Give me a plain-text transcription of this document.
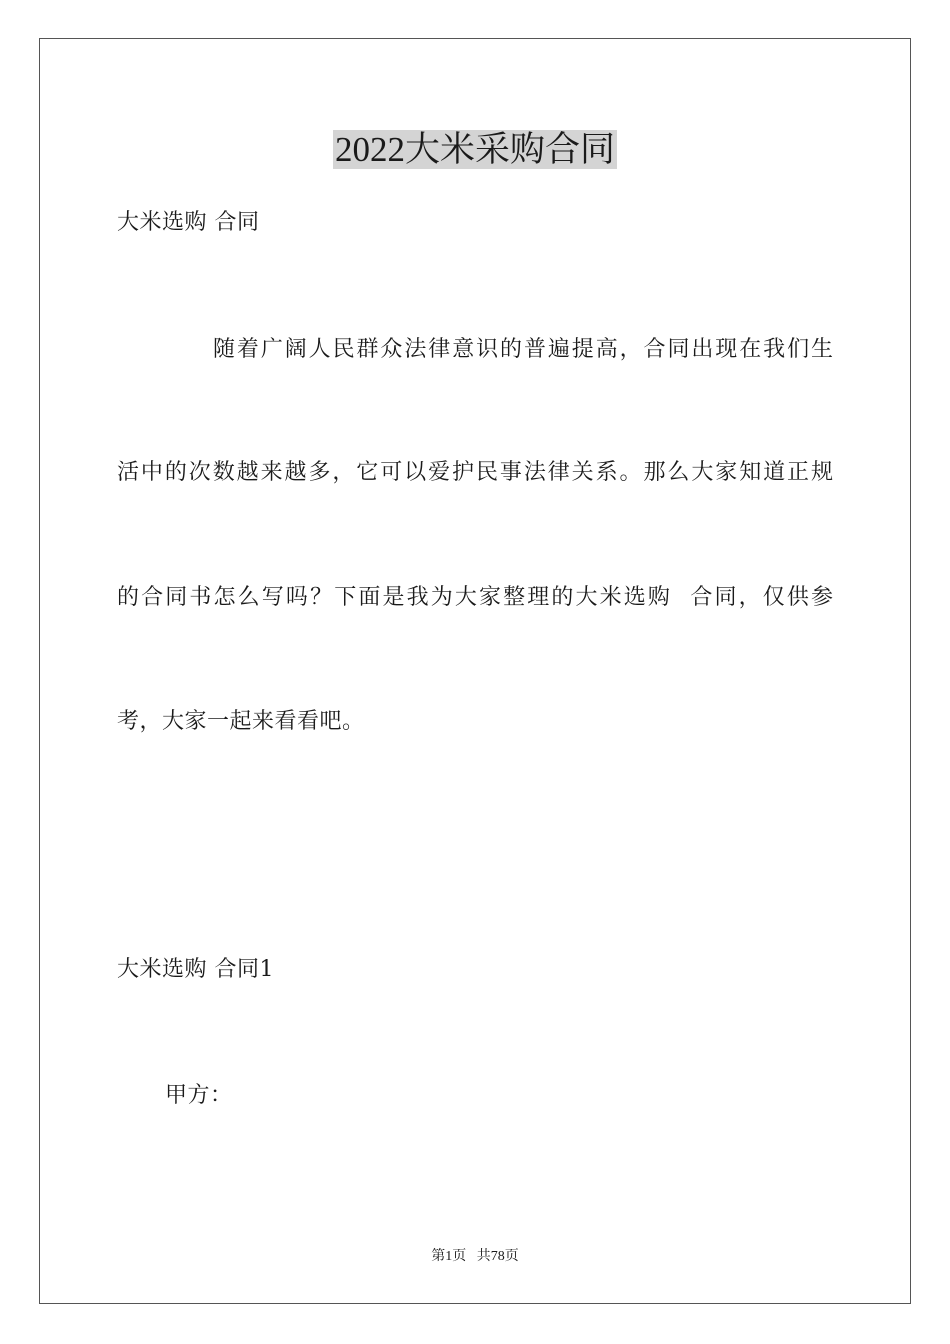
2022大米采购合同

大米选购 合同

随着广阔人民群众法律意识的普遍提高，合同出现在我们生

活中的次数越来越多，它可以爱护民事法律关系。那么大家知道正规

的合同书怎么写吗？下面是我为大家整理的大米选购  合同，仅供参

考，大家一起来看看吧。

大米选购 合同1

甲方：

第1页   共78页
